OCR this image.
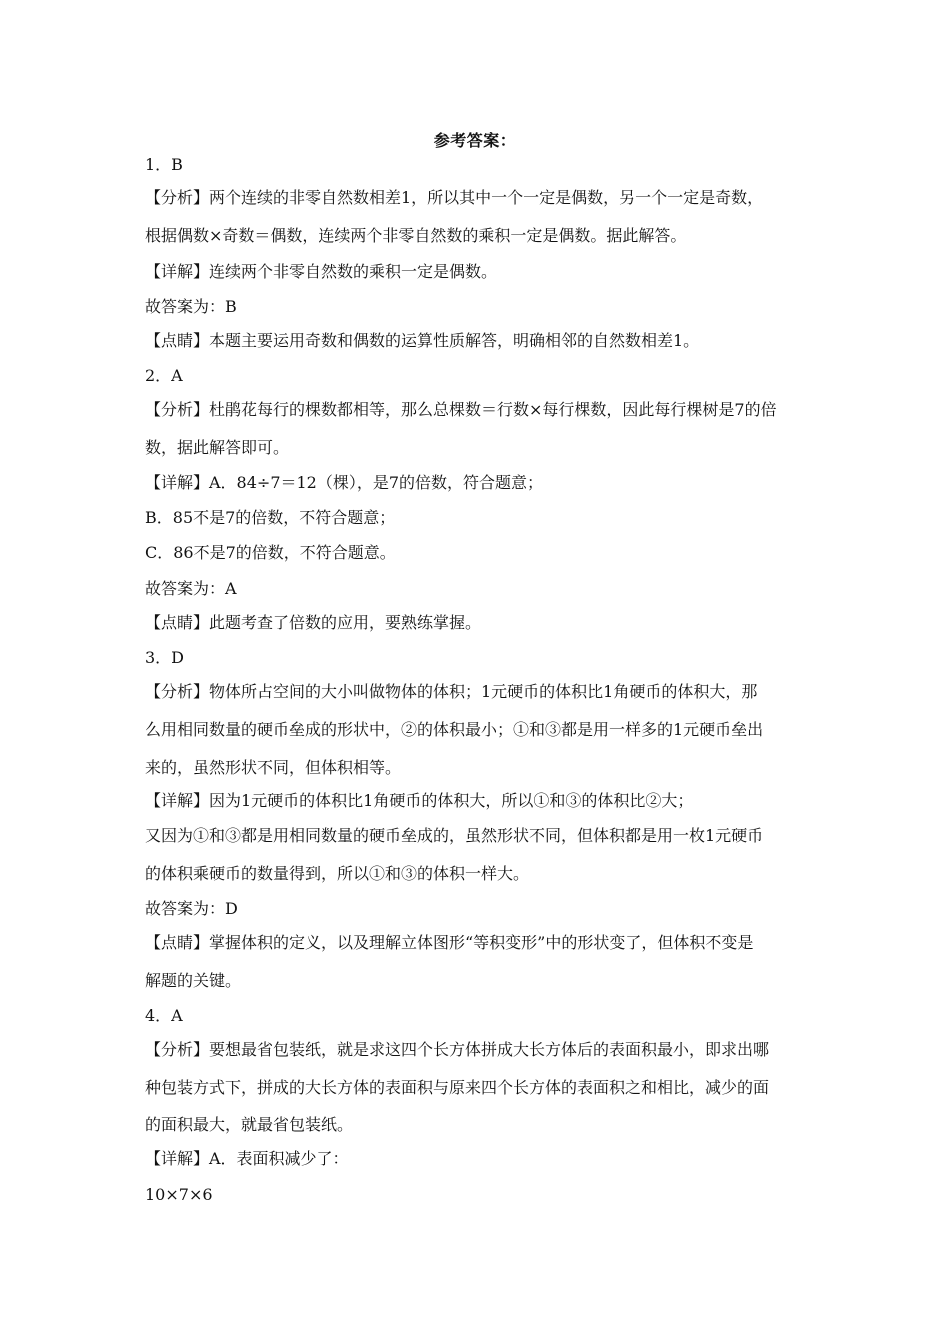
参考答案：
1．B
【分析】两个连续的非零自然数相差1，所以其中一个一定是偶数，另一个一定是奇数，
根据偶数×奇数＝偶数，连续两个非零自然数的乘积一定是偶数。据此解答。
【详解】连续两个非零自然数的乘积一定是偶数。
故答案为：B
【点睛】本题主要运用奇数和偶数的运算性质解答，明确相邻的自然数相差1。
2．A
【分析】杜鹃花每行的棵数都相等，那么总棵数＝行数×每行棵数，因此每行棵树是7的倍
数，据此解答即可。
【详解】A．84÷7＝12（棵），是7的倍数，符合题意；
B．85不是7的倍数，不符合题意；
C．86不是7的倍数，不符合题意。
故答案为：A
【点睛】此题考查了倍数的应用，要熟练掌握。
3．D
【分析】物体所占空间的大小叫做物体的体积；1元硬币的体积比1角硬币的体积大，那
么用相同数量的硬币垒成的形状中，②的体积最小；①和③都是用一样多的1元硬币垒出
来的，虽然形状不同，但体积相等。
【详解】因为1元硬币的体积比1角硬币的体积大，所以①和③的体积比②大；
又因为①和③都是用相同数量的硬币垒成的，虽然形状不同，但体积都是用一枚1元硬币
的体积乘硬币的数量得到，所以①和③的体积一样大。
故答案为：D
【点睛】掌握体积的定义，以及理解立体图形“等积变形”中的形状变了，但体积不变是
解题的关键。
4．A
【分析】要想最省包装纸，就是求这四个长方体拼成大长方体后的表面积最小，即求出哪
种包装方式下，拼成的大长方体的表面积与原来四个长方体的表面积之和相比，减少的面
的面积最大，就最省包装纸。
【详解】A．表面积减少了：
10×7×6
